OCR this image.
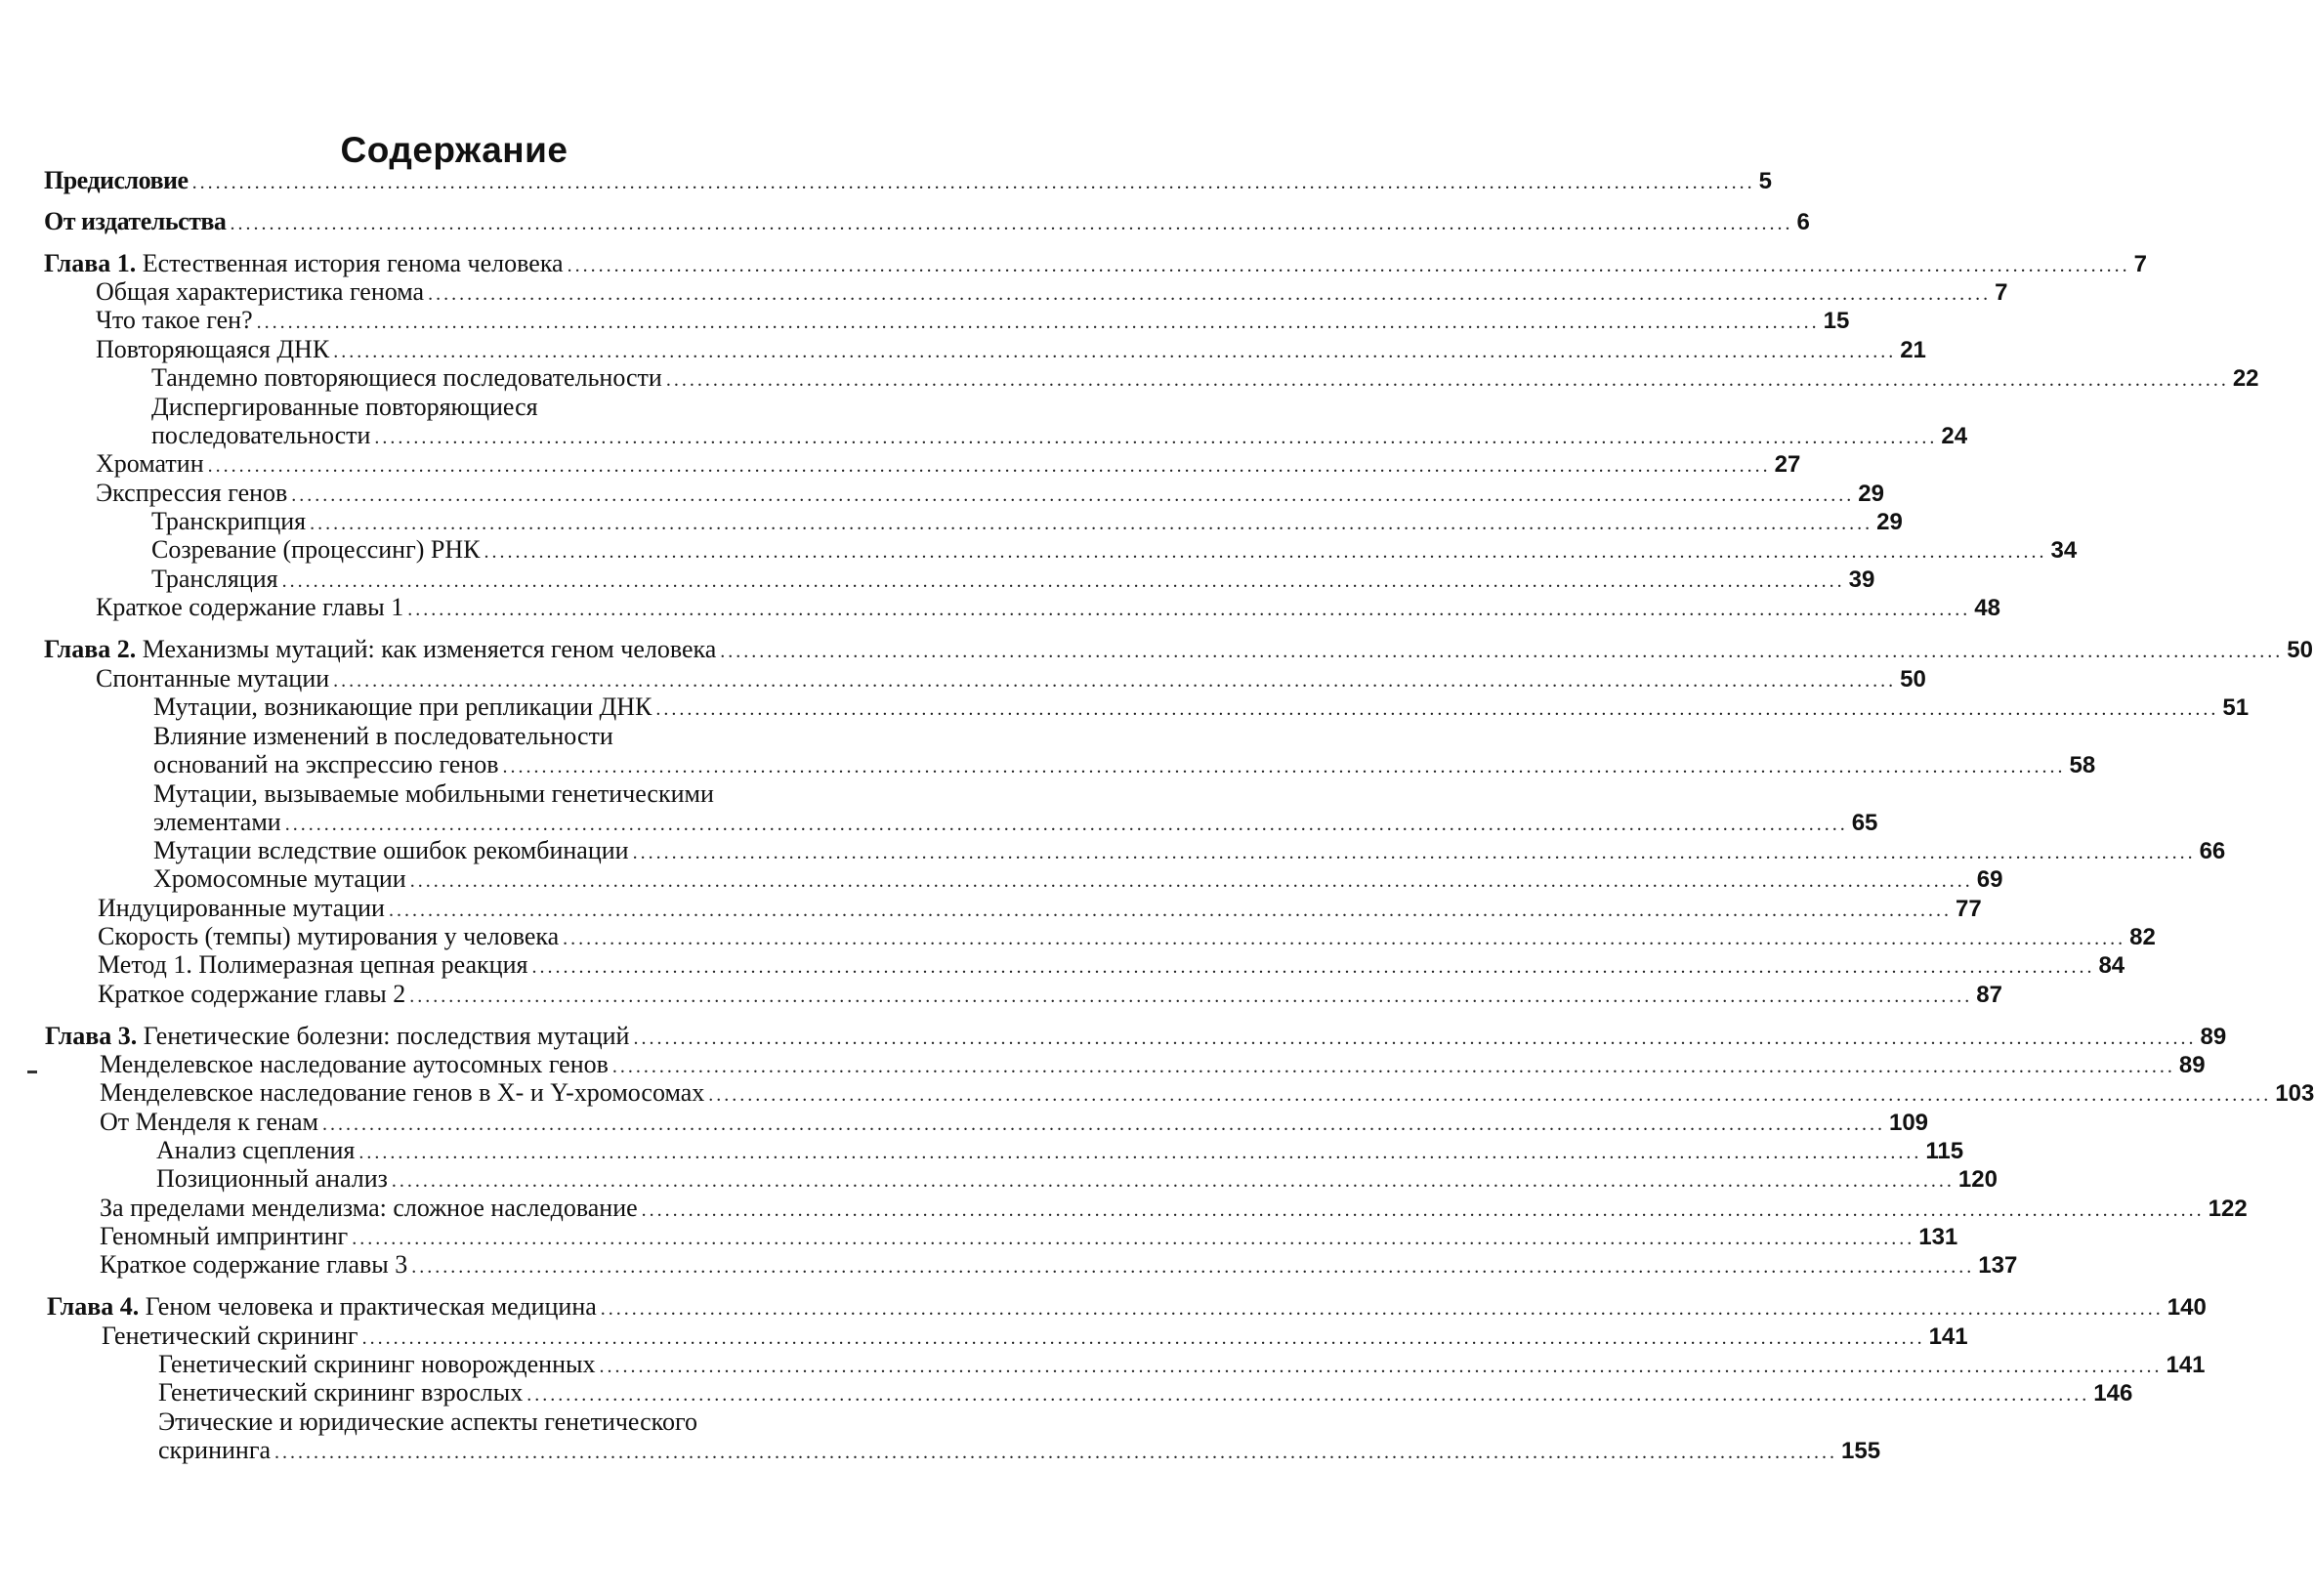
Содержание
Предисловие ........................................................................................................................................................................................................ 5
От издательства ........................................................................................................................................................................................................ 6
Глава 1. Естественная история генома человека ........................................................................................................................................................................................................ 7
Общая характеристика генома ........................................................................................................................................................................................................ 7
Что такое ген? ........................................................................................................................................................................................................ 15
Повторяющаяся ДНК ........................................................................................................................................................................................................ 21
Тандемно повторяющиеся последовательности ........................................................................................................................................................................................................ 22
Диспергированные повторяющиеся
последовательности ........................................................................................................................................................................................................ 24
Хроматин ........................................................................................................................................................................................................ 27
Экспрессия генов ........................................................................................................................................................................................................ 29
Транскрипция ........................................................................................................................................................................................................ 29
Созревание (процессинг) РНК ........................................................................................................................................................................................................ 34
Трансляция ........................................................................................................................................................................................................ 39
Краткое содержание главы 1 ........................................................................................................................................................................................................ 48
Глава 2. Механизмы мутаций: как изменяется геном человека ........................................................................................................................................................................................................ 50
Спонтанные мутации ........................................................................................................................................................................................................ 50
Мутации, возникающие при репликации ДНК ........................................................................................................................................................................................................ 51
Влияние изменений в последовательности
оснований на экспрессию генов ........................................................................................................................................................................................................ 58
Мутации, вызываемые мобильными генетическими
элементами ........................................................................................................................................................................................................ 65
Мутации вследствие ошибок рекомбинации ........................................................................................................................................................................................................ 66
Хромосомные мутации ........................................................................................................................................................................................................ 69
Индуцированные мутации ........................................................................................................................................................................................................ 77
Скорость (темпы) мутирования у человека ........................................................................................................................................................................................................ 82
Метод 1. Полимеразная цепная реакция ........................................................................................................................................................................................................ 84
Краткое содержание главы 2 ........................................................................................................................................................................................................ 87
Глава 3. Генетические болезни: последствия мутаций ........................................................................................................................................................................................................ 89
Менделевское наследование аутосомных генов ........................................................................................................................................................................................................ 89
Менделевское наследование генов в X- и Y-хромосомах ........................................................................................................................................................................................................ 103
От Менделя к генам ........................................................................................................................................................................................................ 109
Анализ сцепления ........................................................................................................................................................................................................ 115
Позиционный анализ ........................................................................................................................................................................................................ 120
За пределами менделизма: сложное наследование ........................................................................................................................................................................................................ 122
Геномный импринтинг ........................................................................................................................................................................................................ 131
Краткое содержание главы 3 ........................................................................................................................................................................................................ 137
Глава 4. Геном человека и практическая медицина ........................................................................................................................................................................................................ 140
Генетический скрининг ........................................................................................................................................................................................................ 141
Генетический скрининг новорожденных ........................................................................................................................................................................................................ 141
Генетический скрининг взрослых ........................................................................................................................................................................................................ 146
Этические и юридические аспекты генетического
скрининга ........................................................................................................................................................................................................ 155
